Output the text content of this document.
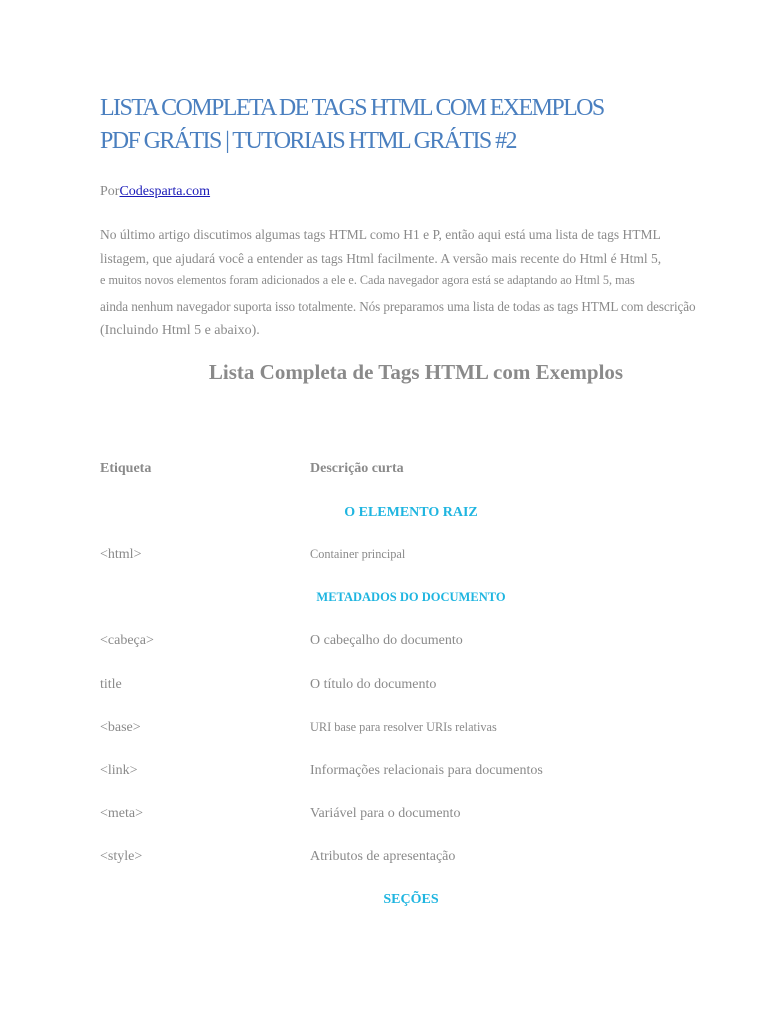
LISTA COMPLETA DE TAGS HTML COM EXEMPLOS
PDF GRÁTIS | TUTORIAIS HTML GRÁTIS #2
PorCodesparta.com

No último artigo discutimos algumas tags HTML como H1 e P, então aqui está uma lista de tags HTML
listagem, que ajudará você a entender as tags Html facilmente. A versão mais recente do Html é Html 5,
e muitos novos elementos foram adicionados a ele e. Cada navegador agora está se adaptando ao Html 5, mas
ainda nenhum navegador suporta isso totalmente. Nós preparamos uma lista de todas as tags HTML com descrição
(Incluindo Html 5 e abaixo).

Lista Completa de Tags HTML com Exemplos
Etiqueta	Descrição curta
O ELEMENTO RAIZ
<html>	Container principal
METADADOS DO DOCUMENTO
<cabeça>	O cabeçalho do documento
title	O título do documento
<base>	URI base para resolver URIs relativas
<link>	Informações relacionais para documentos
<meta>	Variável para o documento
<style>	Atributos de apresentação
SEÇÕES
